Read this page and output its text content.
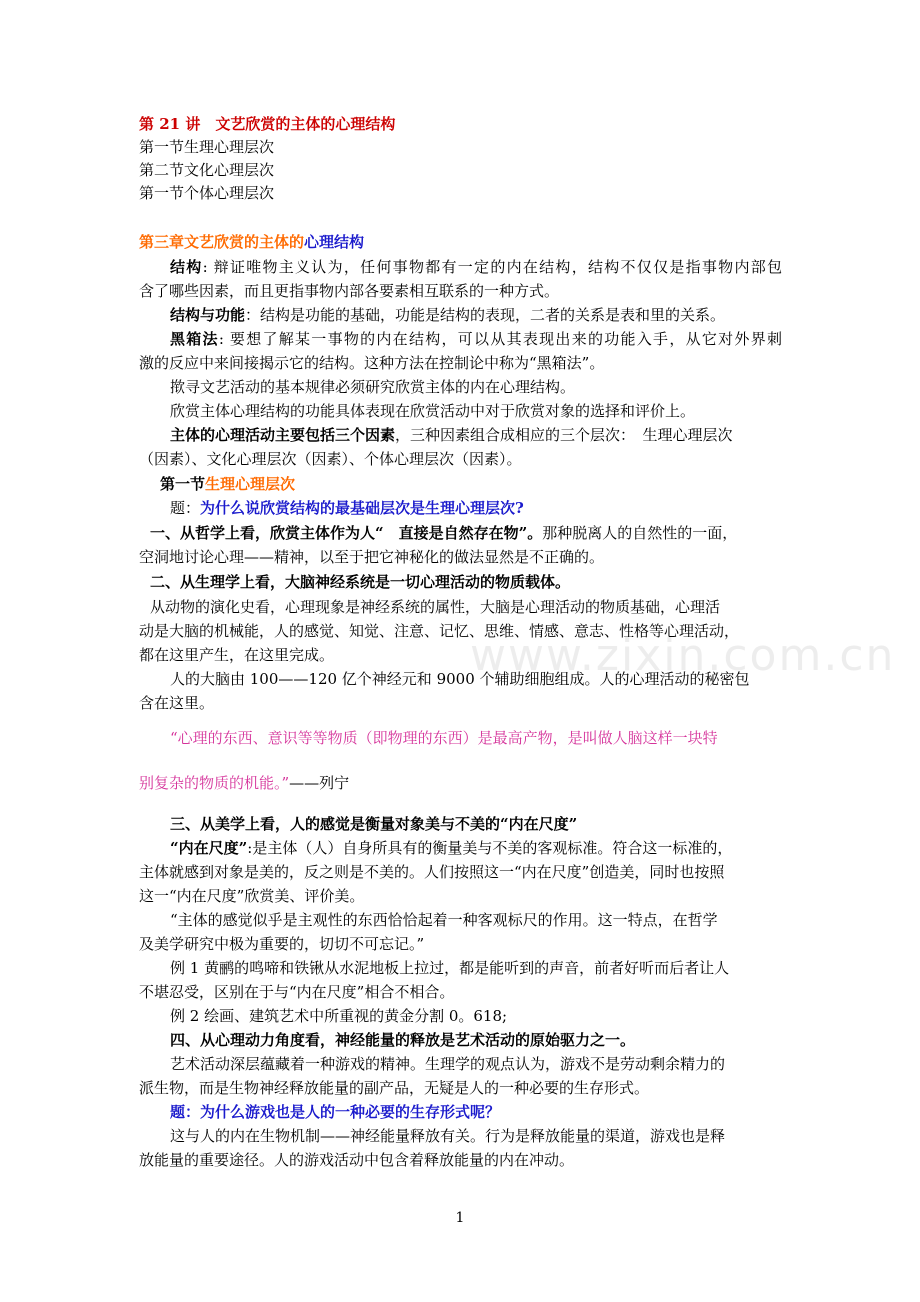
www.zixin.com.cn
第 21 讲　文艺欣赏的主体的心理结构
第一节生理心理层次
第二节文化心理层次
第一节个体心理层次
第三章文艺欣赏的主体的心理结构
结构: 辩证唯物主义认为，任何事物都有一定的内在结构，结构不仅仅是指事物内部包
含了哪些因素，而且更指事物内部各要素相互联系的一种方式。
结构与功能：结构是功能的基础，功能是结构的表现，二者的关系是表和里的关系。
黑箱法: 要想了解某一事物的内在结构，可以从其表现出来的功能入手，从它对外界刺
激的反应中来间接揭示它的结构。这种方法在控制论中称为“黑箱法”。
揿寻文艺活动的基本规律必须研究欣赏主体的内在心理结构。
欣赏主体心理结构的功能具体表现在欣赏活动中对于欣赏对象的选择和评价上。
主体的心理活动主要包括三个因素，三种因素组合成相应的三个层次：　生理心理层次
（因素）、文化心理层次（因素）、个体心理层次（因素）。
第一节生理心理层次
题：为什么说欣赏结构的最基础层次是生理心理层次?
一、从哲学上看，欣赏主体作为人“　直接是自然存在物”。那种脱离人的自然性的一面，
空洞地讨论心理——精神，以至于把它神秘化的做法显然是不正确的。
二、从生理学上看，大脑神经系统是一切心理活动的物质载体。
从动物的演化史看，心理现象是神经系统的属性，大脑是心理活动的物质基础，心理活
动是大脑的机械能，人的感觉、知觉、注意、记忆、思维、情感、意志、性格等心理活动，
都在这里产生，在这里完成。
人的大脑由 100——120 亿个神经元和 9000 个辅助细胞组成。人的心理活动的秘密包
含在这里。
“心理的东西、意识等等物质（即物理的东西）是最高产物，是叫做人脑这样一块特
别复杂的物质的机能。”——列宁
三、从美学上看，人的感觉是衡量对象美与不美的“内在尺度”
“内在尺度”:是主体（人）自身所具有的衡量美与不美的客观标准。符合这一标准的，
主体就感到对象是美的，反之则是不美的。人们按照这一“内在尺度”创造美，同时也按照
这一“内在尺度”欣赏美、评价美。
“主体的感觉似乎是主观性的东西恰恰起着一种客观标尺的作用。这一特点，在哲学
及美学研究中极为重要的，切切不可忘记。”
例 1 黄鹂的鸣啼和铁锹从水泥地板上拉过，都是能听到的声音，前者好听而后者让人
不堪忍受，区别在于与“内在尺度”相合不相合。
例 2 绘画、建筑艺术中所重视的黄金分割 0。618;
四、从心理动力角度看，神经能量的释放是艺术活动的原始驱力之一。
艺术活动深层蕴藏着一种游戏的精神。生理学的观点认为，游戏不是劳动剩余精力的
派生物，而是生物神经释放能量的副产品，无疑是人的一种必要的生存形式。
题：为什么游戏也是人的一种必要的生存形式呢？
这与人的内在生物机制——神经能量释放有关。行为是释放能量的渠道，游戏也是释
放能量的重要途径。人的游戏活动中包含着释放能量的内在冲动。
1
